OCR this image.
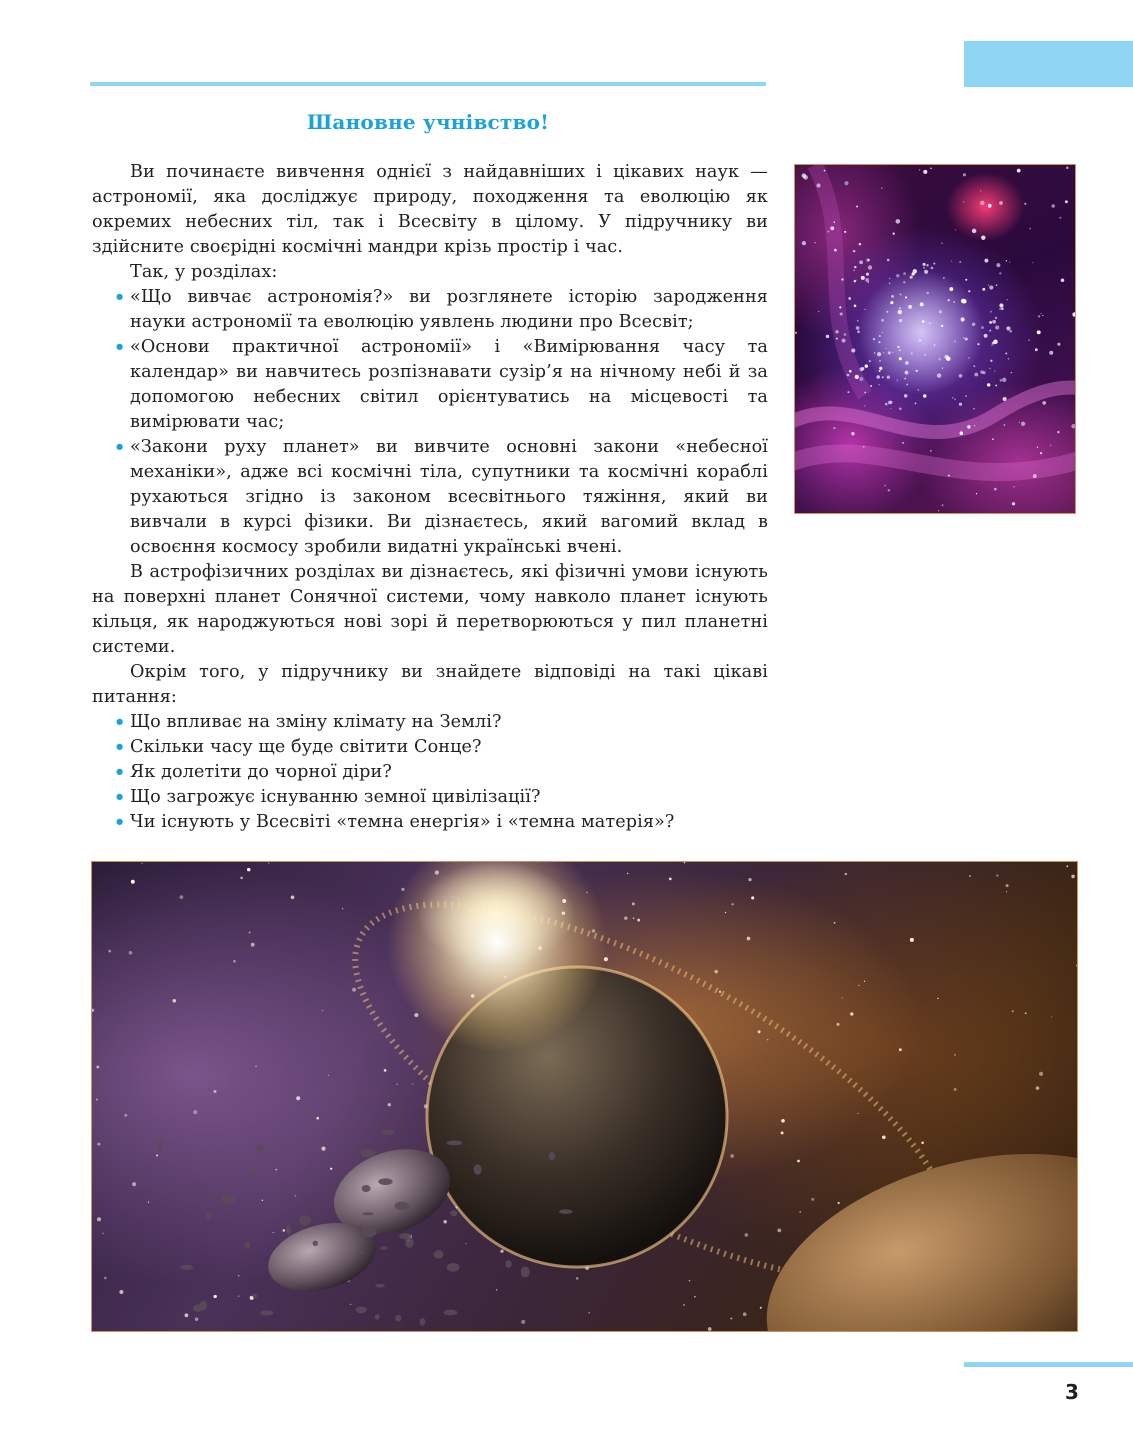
Шановне учнівство!

Ви починаєте вивчення однієї з найдавніших і цікавих наук — астрономії, яка досліджує природу, походження та еволюцію як окремих небесних тіл, так і Всесвіту в цілому. У підручнику ви здійсните своєрідні космічні мандри крізь простір і час.

Так, у розділах:

• «Що вивчає астрономія?» ви розглянете історію зародження науки астрономії та еволюцію уявлень людини про Всесвіт;
• «Основи практичної астрономії» і «Вимірювання часу та календар» ви навчитесь розпізнавати сузір’я на нічному небі й за допомогою небесних світил орієнтуватись на місцевості та вимірювати час;
• «Закони руху планет» ви вивчите основні закони «небесної механіки», адже всі космічні тіла, супутники та космічні кораблі рухаються згідно із законом всесвітнього тяжіння, який ви вивчали в курсі фізики. Ви дізнаєтесь, який вагомий вклад в освоєння космосу зробили видатні українські вчені.

В астрофізичних розділах ви дізнаєтесь, які фізичні умови існують на поверхні планет Сонячної системи, чому навколо планет існують кільця, як народжуються нові зорі й перетворюються у пил планетні системи.

Окрім того, у підручнику ви знайдете відповіді на такі цікаві питання:

• Що впливає на зміну клімату на Землі?
• Скільки часу ще буде світити Сонце?
• Як долетіти до чорної діри?
• Що загрожує існуванню земної цивілізації?
• Чи існують у Всесвіті «темна енергія» і «темна матерія»?
3
